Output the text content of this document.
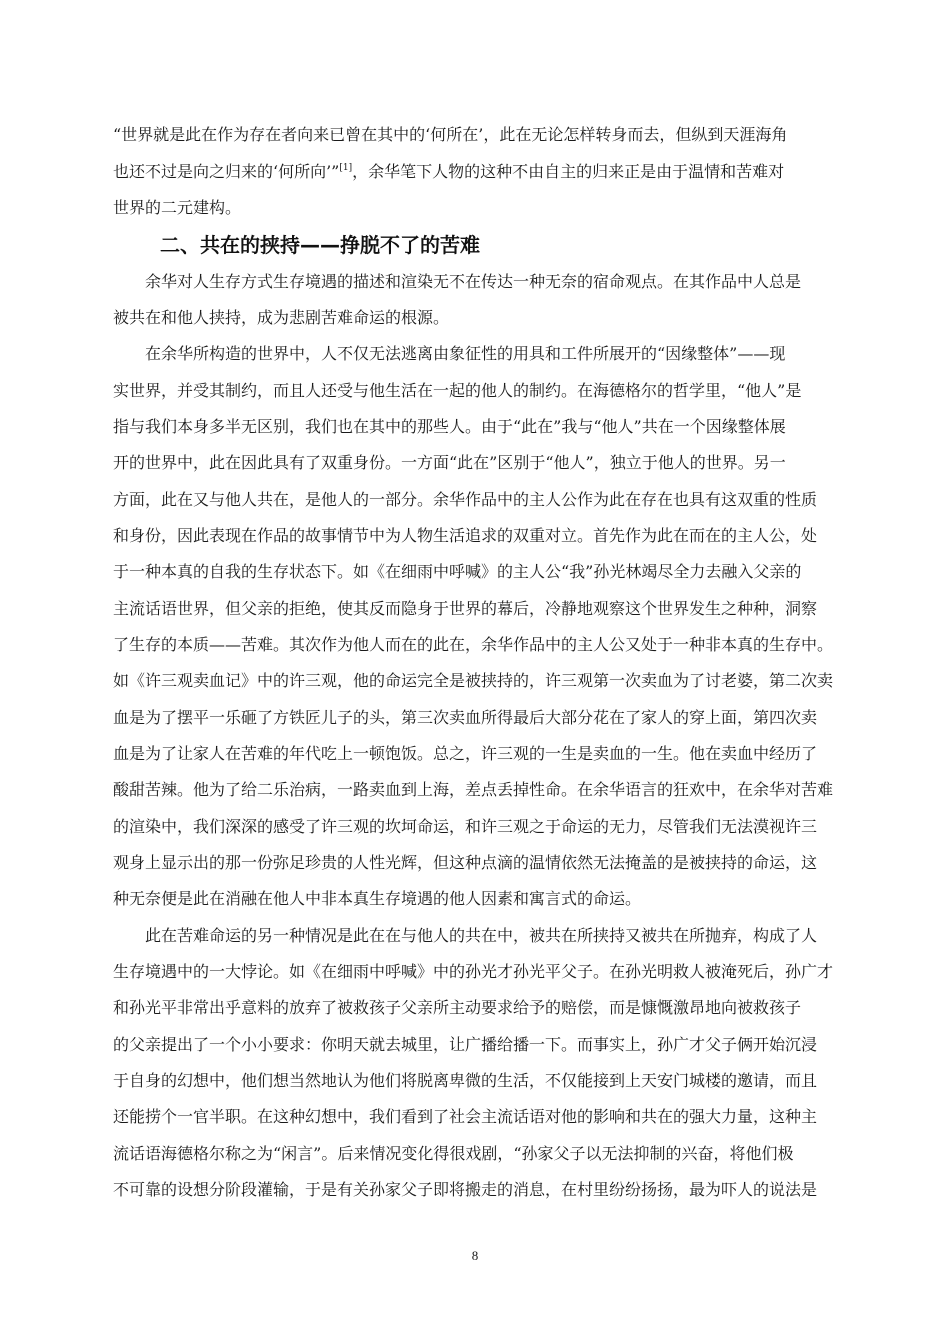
“世界就是此在作为存在者向来已曾在其中的‘何所在’，此在无论怎样转身而去，但纵到天涯海角
也还不过是向之归来的‘何所向’”[1]，余华笔下人物的这种不由自主的归来正是由于温情和苦难对
世界的二元建构。
二、共在的挟持——挣脱不了的苦难
余华对人生存方式生存境遇的描述和渲染无不在传达一种无奈的宿命观点。在其作品中人总是
被共在和他人挟持，成为悲剧苦难命运的根源。
在余华所构造的世界中，人不仅无法逃离由象征性的用具和工件所展开的“因缘整体”——现
实世界，并受其制约，而且人还受与他生活在一起的他人的制约。在海德格尔的哲学里，“他人”是
指与我们本身多半无区别，我们也在其中的那些人。由于“此在”我与“他人”共在一个因缘整体展
开的世界中，此在因此具有了双重身份。一方面“此在”区别于“他人”，独立于他人的世界。另一
方面，此在又与他人共在，是他人的一部分。余华作品中的主人公作为此在存在也具有这双重的性质
和身份，因此表现在作品的故事情节中为人物生活追求的双重对立。首先作为此在而在的主人公，处
于一种本真的自我的生存状态下。如《在细雨中呼喊》的主人公“我”孙光林竭尽全力去融入父亲的
主流话语世界，但父亲的拒绝，使其反而隐身于世界的幕后，冷静地观察这个世界发生之种种，洞察
了生存的本质——苦难。其次作为他人而在的此在，余华作品中的主人公又处于一种非本真的生存中。
如《许三观卖血记》中的许三观，他的命运完全是被挟持的，许三观第一次卖血为了讨老婆，第二次卖
血是为了摆平一乐砸了方铁匠儿子的头，第三次卖血所得最后大部分花在了家人的穿上面，第四次卖
血是为了让家人在苦难的年代吃上一顿饱饭。总之，许三观的一生是卖血的一生。他在卖血中经历了
酸甜苦辣。他为了给二乐治病，一路卖血到上海，差点丢掉性命。在余华语言的狂欢中，在余华对苦难
的渲染中，我们深深的感受了许三观的坎坷命运，和许三观之于命运的无力，尽管我们无法漠视许三
观身上显示出的那一份弥足珍贵的人性光辉，但这种点滴的温情依然无法掩盖的是被挟持的命运，这
种无奈便是此在消融在他人中非本真生存境遇的他人因素和寓言式的命运。
此在苦难命运的另一种情况是此在在与他人的共在中，被共在所挟持又被共在所抛弃，构成了人
生存境遇中的一大悖论。如《在细雨中呼喊》中的孙光才孙光平父子。在孙光明救人被淹死后，孙广才
和孙光平非常出乎意料的放弃了被救孩子父亲所主动要求给予的赔偿，而是慷慨激昂地向被救孩子
的父亲提出了一个小小要求：你明天就去城里，让广播给播一下。而事实上，孙广才父子俩开始沉浸
于自身的幻想中，他们想当然地认为他们将脱离卑微的生活，不仅能接到上天安门城楼的邀请，而且
还能捞个一官半职。在这种幻想中，我们看到了社会主流话语对他的影响和共在的强大力量，这种主
流话语海德格尔称之为“闲言”。后来情况变化得很戏剧，“孙家父子以无法抑制的兴奋，将他们极
不可靠的设想分阶段灌输，于是有关孙家父子即将搬走的消息，在村里纷纷扬扬，最为吓人的说法是
8
